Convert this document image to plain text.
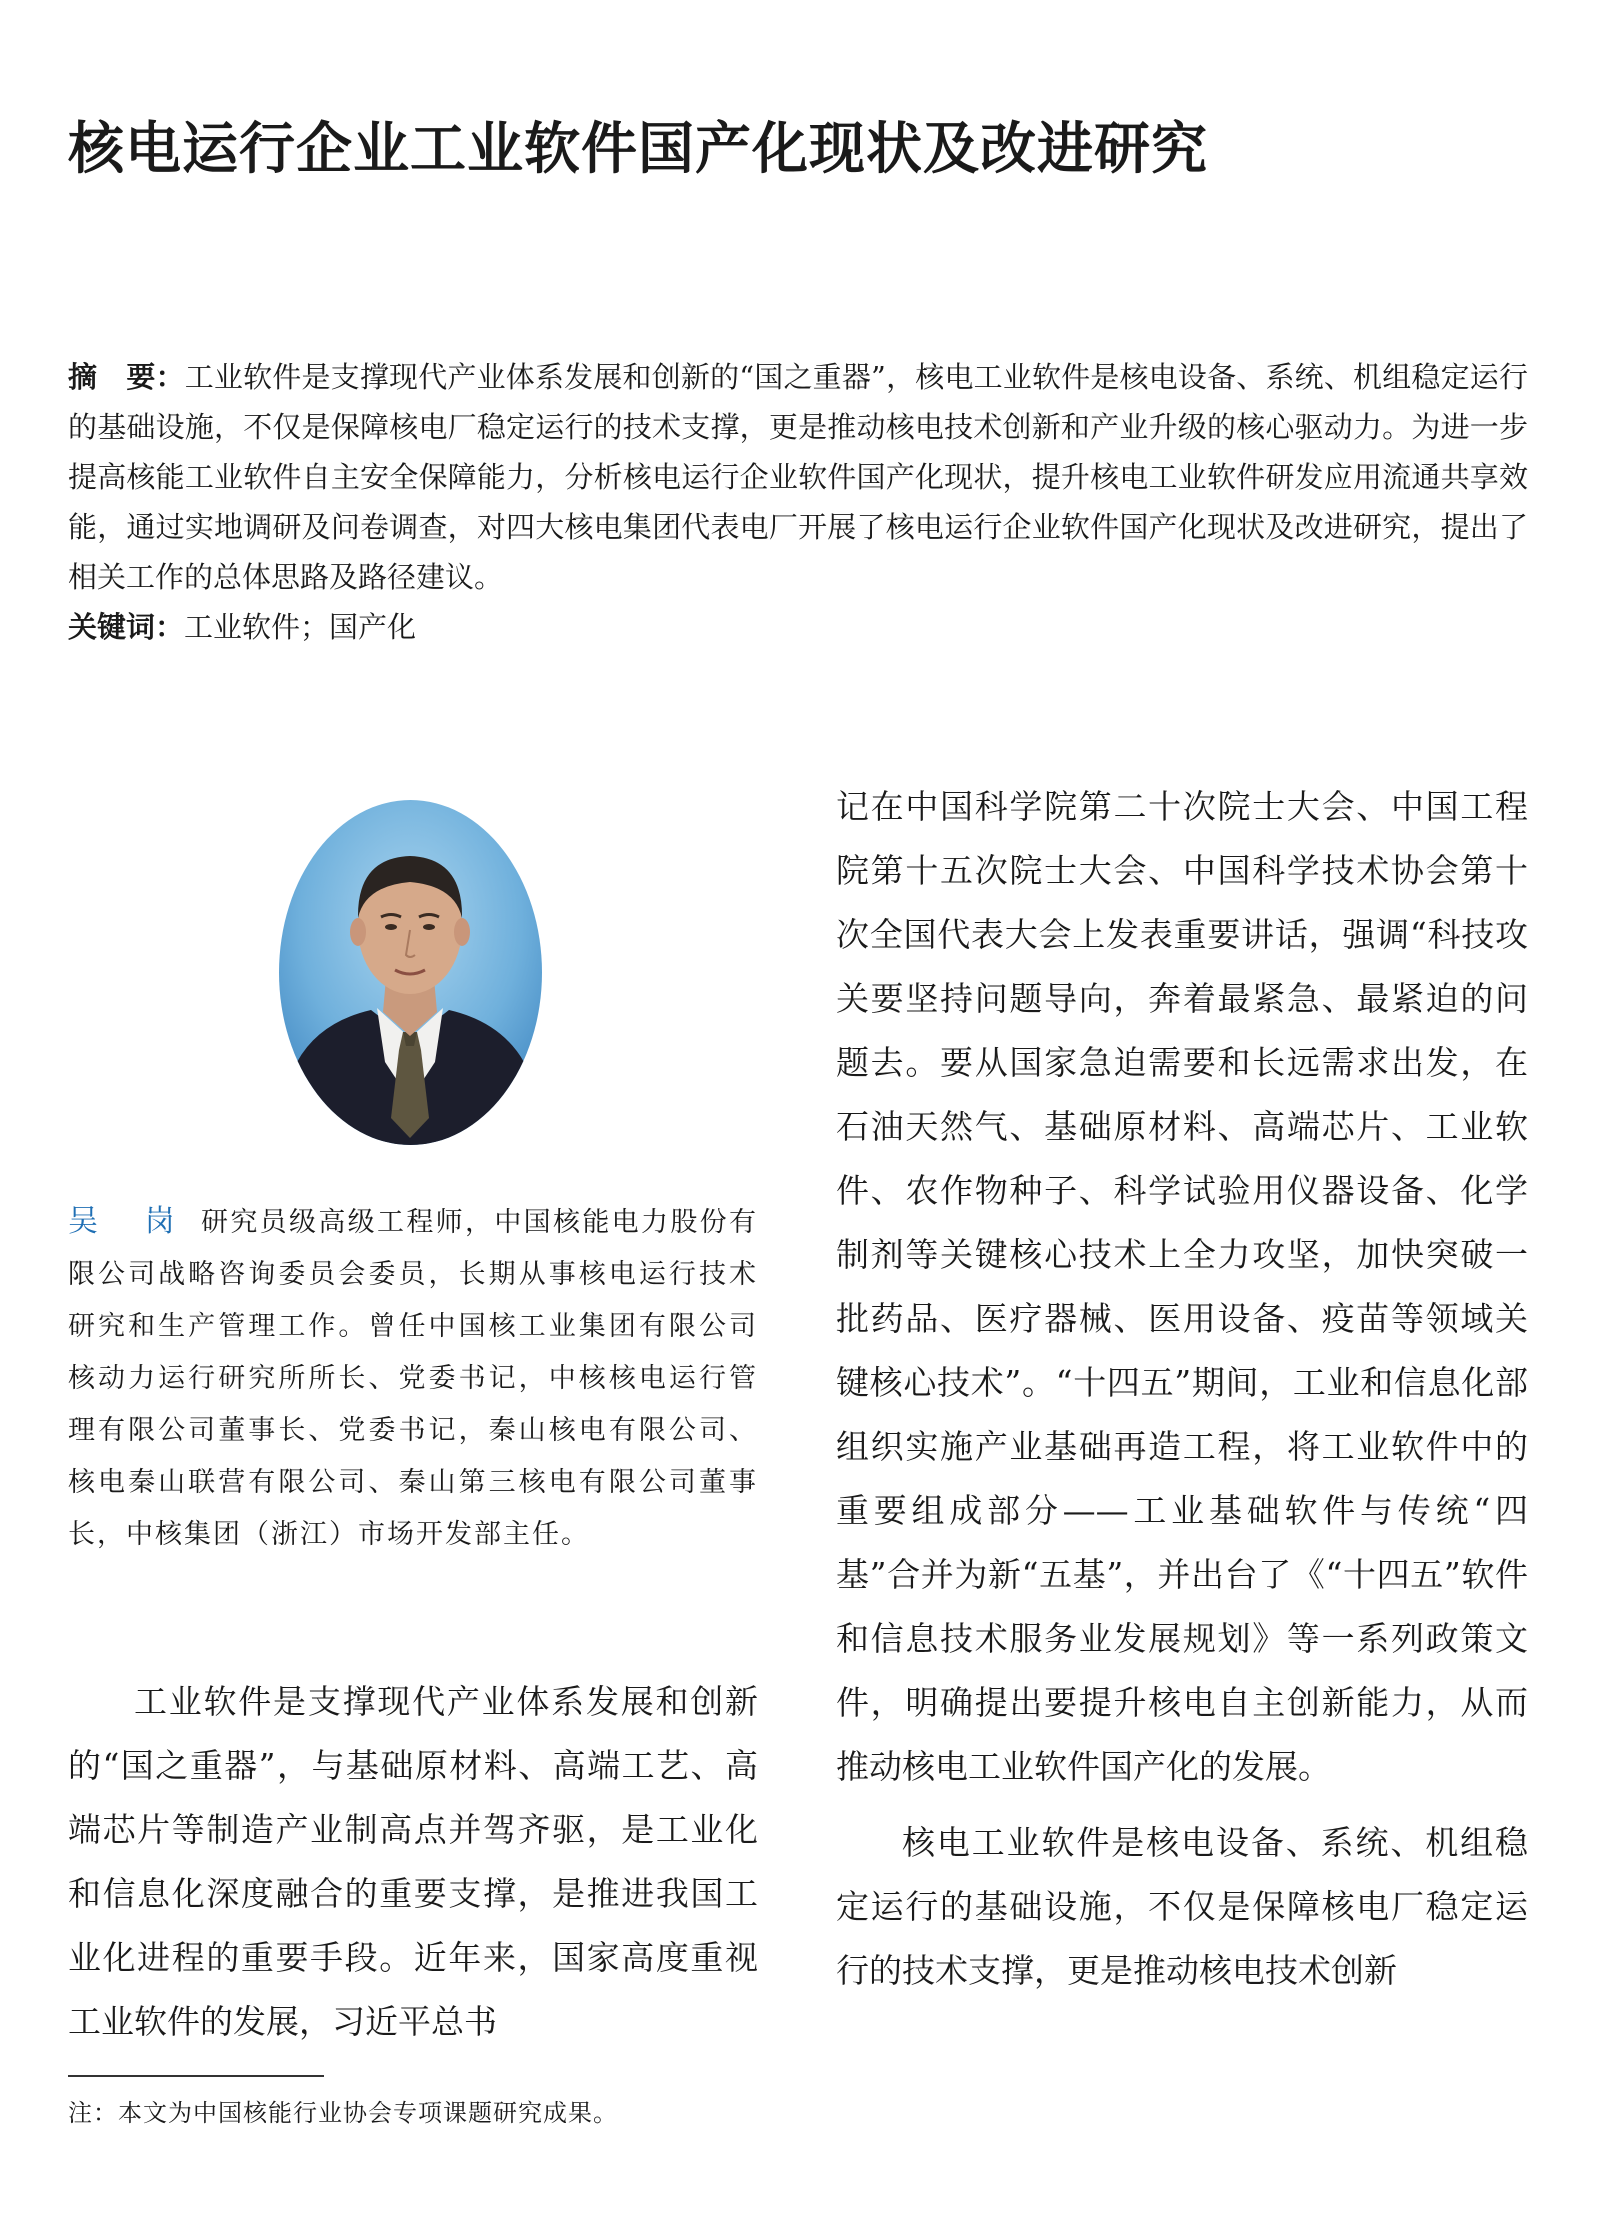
核电运行企业工业软件国产化现状及改进研究

摘　要：工业软件是支撑现代产业体系发展和创新的“国之重器”，核电工业软件是核电设备、系统、机组稳定运行的基础设施，不仅是保障核电厂稳定运行的技术支撑，更是推动核电技术创新和产业升级的核心驱动力。为进一步提高核能工业软件自主安全保障能力，分析核电运行企业软件国产化现状，提升核电工业软件研发应用流通共享效能，通过实地调研及问卷调查，对四大核电集团代表电厂开展了核电运行企业软件国产化现状及改进研究，提出了相关工作的总体思路及路径建议。

关键词：工业软件；国产化

吴　岗 研究员级高级工程师，中国核能电力股份有限公司战略咨询委员会委员，长期从事核电运行技术研究和生产管理工作。曾任中国核工业集团有限公司核动力运行研究所所长、党委书记，中核核电运行管理有限公司董事长、党委书记，秦山核电有限公司、核电秦山联营有限公司、秦山第三核电有限公司董事长，中核集团（浙江）市场开发部主任。

工业软件是支撑现代产业体系发展和创新的“国之重器”，与基础原材料、高端工艺、高端芯片等制造产业制高点并驾齐驱，是工业化和信息化深度融合的重要支撑，是推进我国工业化进程的重要手段。近年来，国家高度重视工业软件的发展，习近平总书

记在中国科学院第二十次院士大会、中国工程院第十五次院士大会、中国科学技术协会第十次全国代表大会上发表重要讲话，强调“科技攻关要坚持问题导向，奔着最紧急、最紧迫的问题去。要从国家急迫需要和长远需求出发，在石油天然气、基础原材料、高端芯片、工业软件、农作物种子、科学试验用仪器设备、化学制剂等关键核心技术上全力攻坚，加快突破一批药品、医疗器械、医用设备、疫苗等领域关键核心技术”。“十四五”期间，工业和信息化部组织实施产业基础再造工程，将工业软件中的重要组成部分——工业基础软件与传统“四基”合并为新“五基”，并出台了《“十四五”软件和信息技术服务业发展规划》等一系列政策文件，明确提出要提升核电自主创新能力，从而推动核电工业软件国产化的发展。

核电工业软件是核电设备、系统、机组稳定运行的基础设施，不仅是保障核电厂稳定运行的技术支撑，更是推动核电技术创新

注：本文为中国核能行业协会专项课题研究成果。
